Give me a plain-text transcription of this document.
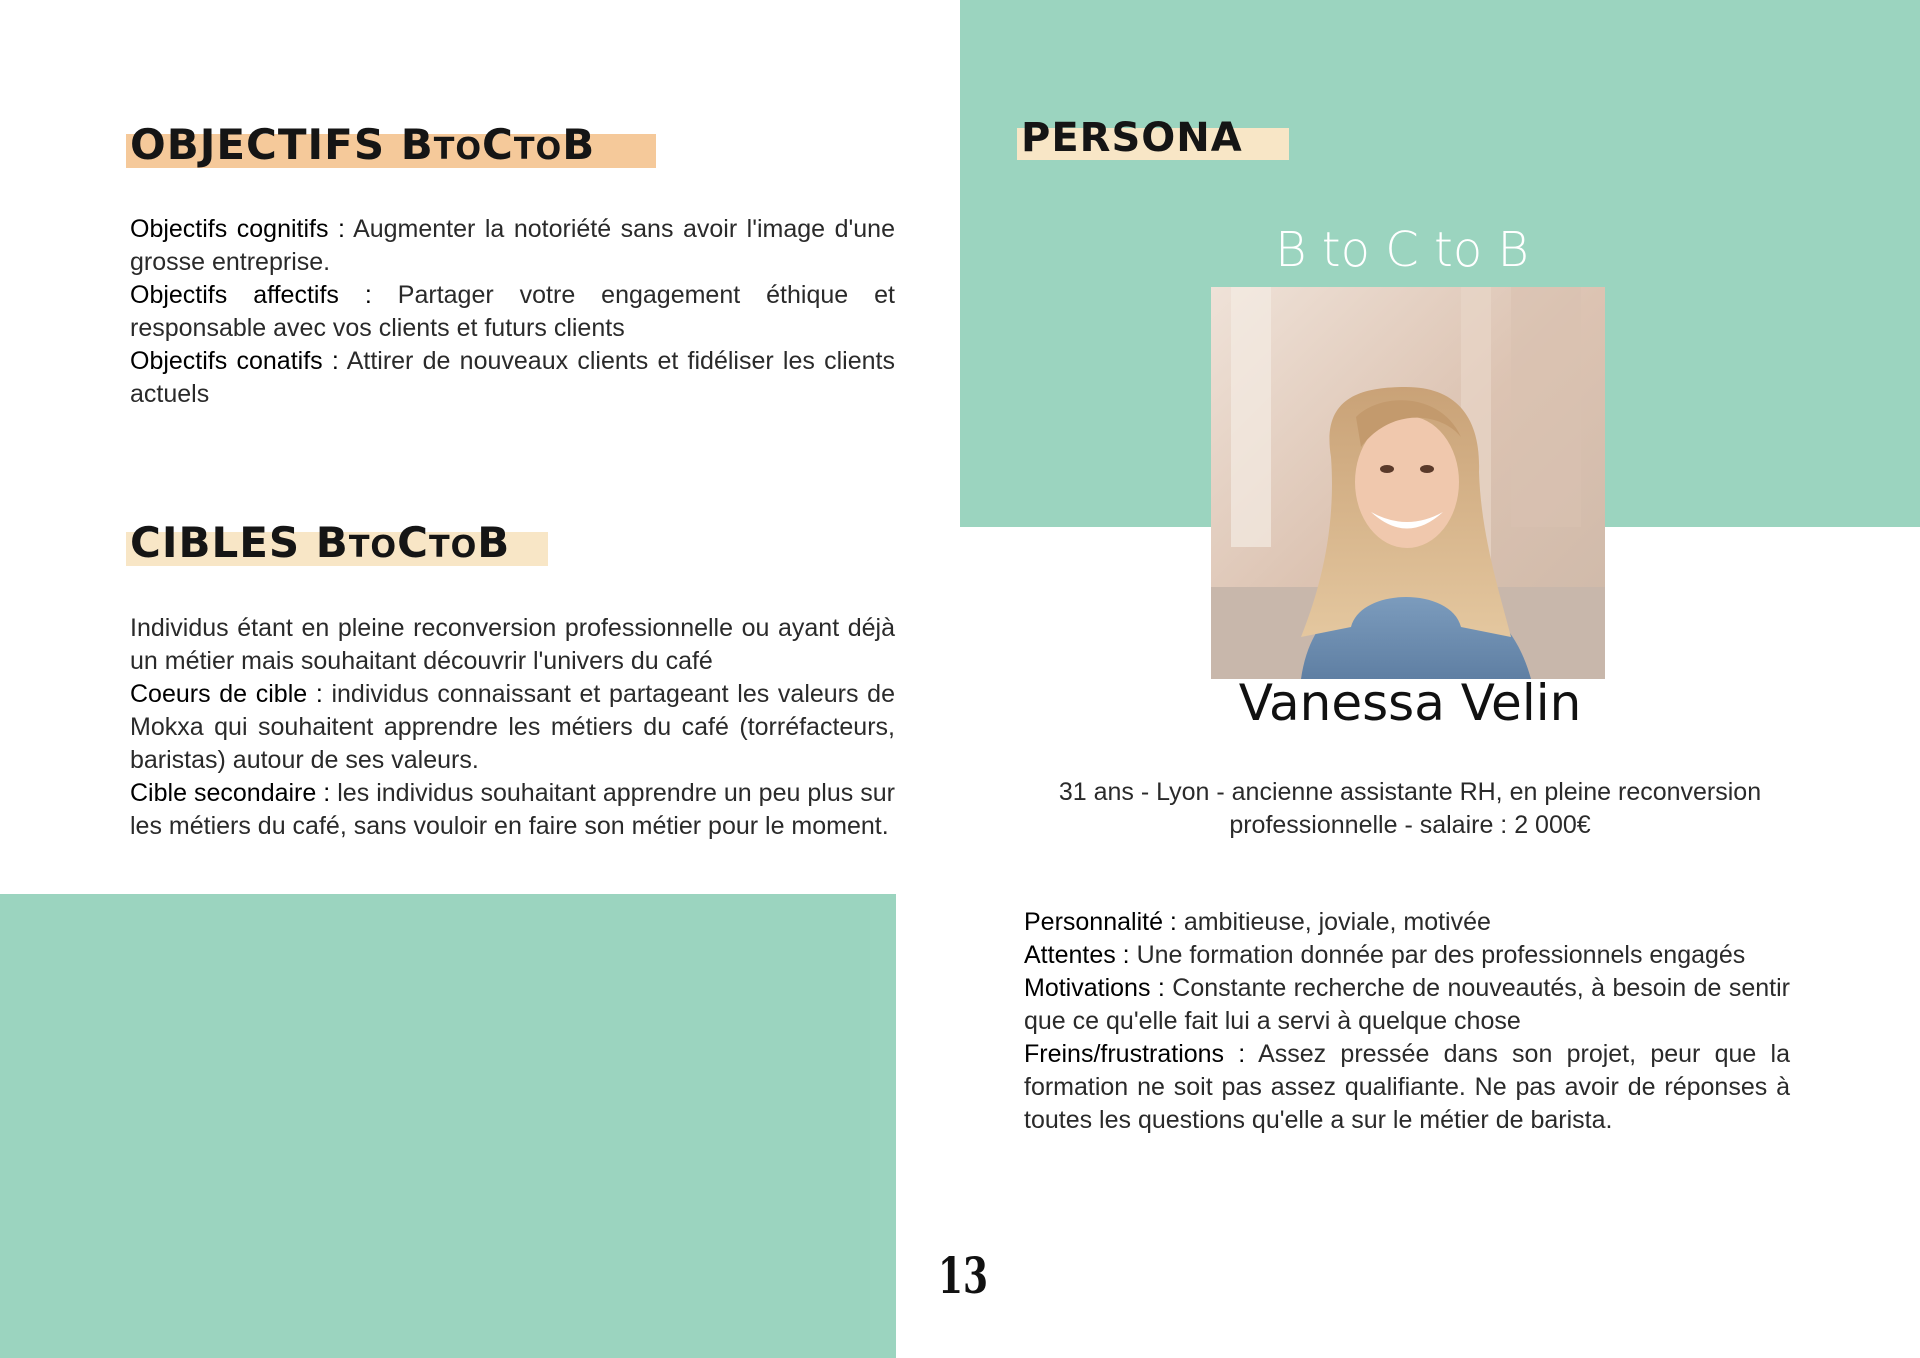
OBJECTIFS BTOCTOB

Objectifs cognitifs : Augmenter la notoriété sans avoir l'image d'une grosse entreprise.

Objectifs affectifs : Partager votre engagement éthique et responsable avec vos clients et futurs clients

Objectifs conatifs : Attirer de nouveaux clients et fidéliser les clients actuels

CIBLES BTOCTOB

Individus étant en pleine reconversion professionnelle ou ayant déjà un métier mais souhaitant découvrir l'univers du café

Coeurs de cible : individus connaissant et partageant les valeurs de Mokxa qui souhaitent apprendre les métiers du café (torréfacteurs, baristas) autour de ses valeurs.

Cible secondaire : les individus souhaitant apprendre un peu plus sur les métiers du café, sans vouloir en faire son métier pour le moment.

PERSONA
B to C to B
Vanessa Velin
31 ans - Lyon - ancienne assistante RH, en pleine reconversion professionnelle - salaire : 2 000€

Personnalité : ambitieuse, joviale, motivée

Attentes : Une formation donnée par des professionnels engagés

Motivations : Constante recherche de nouveautés, à besoin de sentir que ce qu'elle fait lui a servi à quelque chose

Freins/frustrations : Assez pressée dans son projet, peur que la formation ne soit pas assez qualifiante. Ne pas avoir de réponses à toutes les questions qu'elle a sur le métier de barista.

13
